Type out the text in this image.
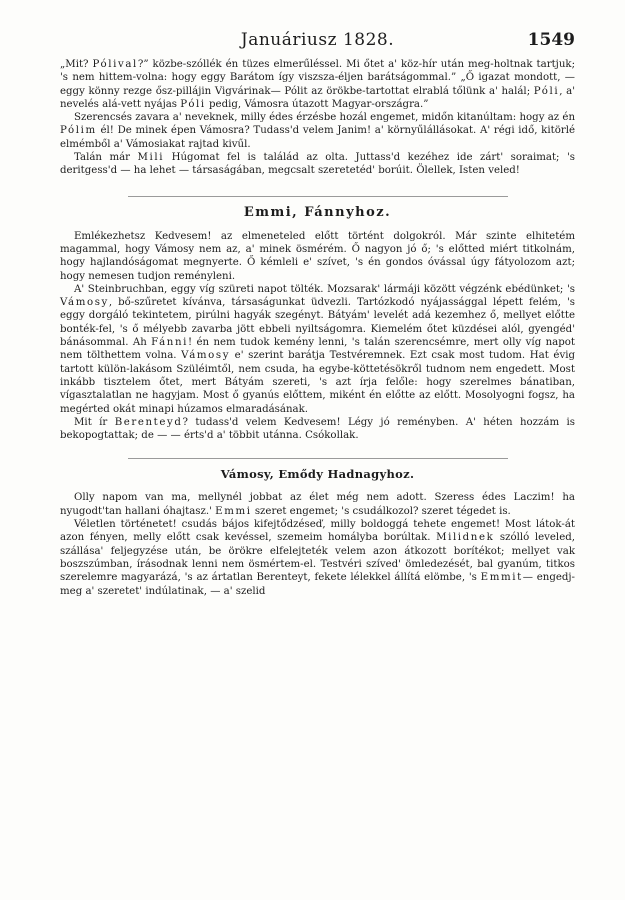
Januáriusz 1828.	1549

„Mit? Pólival?” közbe-szóllék én tüzes elmerűléssel. Mi őtet a' köz-hír után meg-holtnak tartjuk; 's nem hittem-volna: hogy eggy Barátom így viszsza-éljen barátságommal.” „Ő igazat mondott, — eggy könny rezge ősz-pillájin Vigvárinak— Pólit az örökbe-tartottat elrablá tőlünk a' halál; Póli, a' nevelés alá-vett nyájas Póli pedig, Vámosra útazott Magyar-országra.”

Szerencsés zavara a' neveknek, milly édes érzésbe hozál engemet, midőn kitanúltam: hogy az én Pólim él! De minek épen Vámosra? Tudass'd velem Janim! a' környűlállásokat. A' régi idő, kitörlé elmémből a' Vámosiakat rajtad kivűl.

Talán már Mili Húgomat fel is találád az olta. Juttass'd kezéhez ide zárt' soraimat; 's deritgess'd — ha lehet — társaságában, megcsalt szeretetéd' borúit. Ölellek, Isten veled!

Emmi, Fánnyhoz.

Emlékezhetsz Kedvesem! az elmeneteled előtt történt dolgokról. Már szinte elhitetém magammal, hogy Vámosy nem az, a' minek ösmérém. Ő nagyon jó ő; 's előtted miért titkolnám, hogy hajlandóságomat megnyerte. Ő kémleli e' szívet, 's én gondos óvással úgy fátyolozom azt; hogy nemesen tudjon reményleni.

A' Steinbruchban, eggy víg szüreti napot tölték. Mozsarak' lármáji között végzénk ebédünket; 's Vámosy, bő-szűretet kívánva, társaságunkat üdvezli. Tartózkodó nyájassággal lépett felém, 's eggy dorgáló tekintetem, pirúlni hagyák szegényt. Bátyám' levelét adá kezemhez ő, mellyet előtte bonték-fel, 's ő mélyebb zavarba jött ebbeli nyiltságomra. Kiemelém őtet küzdései alól, gyengéd' bánásommal. Ah Fánni! én nem tudok kemény lenni, 's talán szerencsémre, mert olly víg napot nem tölthettem volna. Vámosy e' szerint barátja Testvéremnek. Ezt csak most tudom. Hat évig tartott külön-lakásom Szüléimtől, nem csuda, ha egybe-köttetésökről tudnom nem engedett. Most inkább tisztelem őtet, mert Bátyám szereti, 's azt írja felőle: hogy szerelmes bánatiban, vígasztalatlan ne hagyjam. Most ő gyanús előttem, miként én előtte az előtt. Mosolyogni fogsz, ha megérted okát minapi húzamos elmaradásának.

Mit ír Berenteyd? tudass'd velem Kedvesem! Légy jó reményben. A' héten hozzám is bekopogtattak; de — — érts'd a' többit utánna. Csókollak.

Vámosy, Emődy Hadnagyhoz.

Olly napom van ma, mellynél jobbat az élet még nem adott. Szeress édes Laczim! ha nyugodt'tan hallani óhajtasz.' Emmi szeret engemet; 's csudálkozol? szeret tégedet is.

Véletlen történetet! csudás bájos kifejtődzéseď, milly boldoggá tehete engemet! Most látok-át azon fényen, melly előtt csak kevéssel, szemeim homályba borúltak. Milidnek szólló leveled, szállása' feljegyzése után, be örökre elfelejteték velem azon átkozott borítékot; mellyet vak boszszúmban, írásodnak lenni nem ösmértem-el. Testvéri szíved' ömledezését, bal gyanúm, titkos szerelemre magyarázá, 's az ártatlan Berenteyt, fekete lélekkel állítá elömbe, 's Emmit— engedj-meg a' szeretet' indúlatinak, — a' szelid
